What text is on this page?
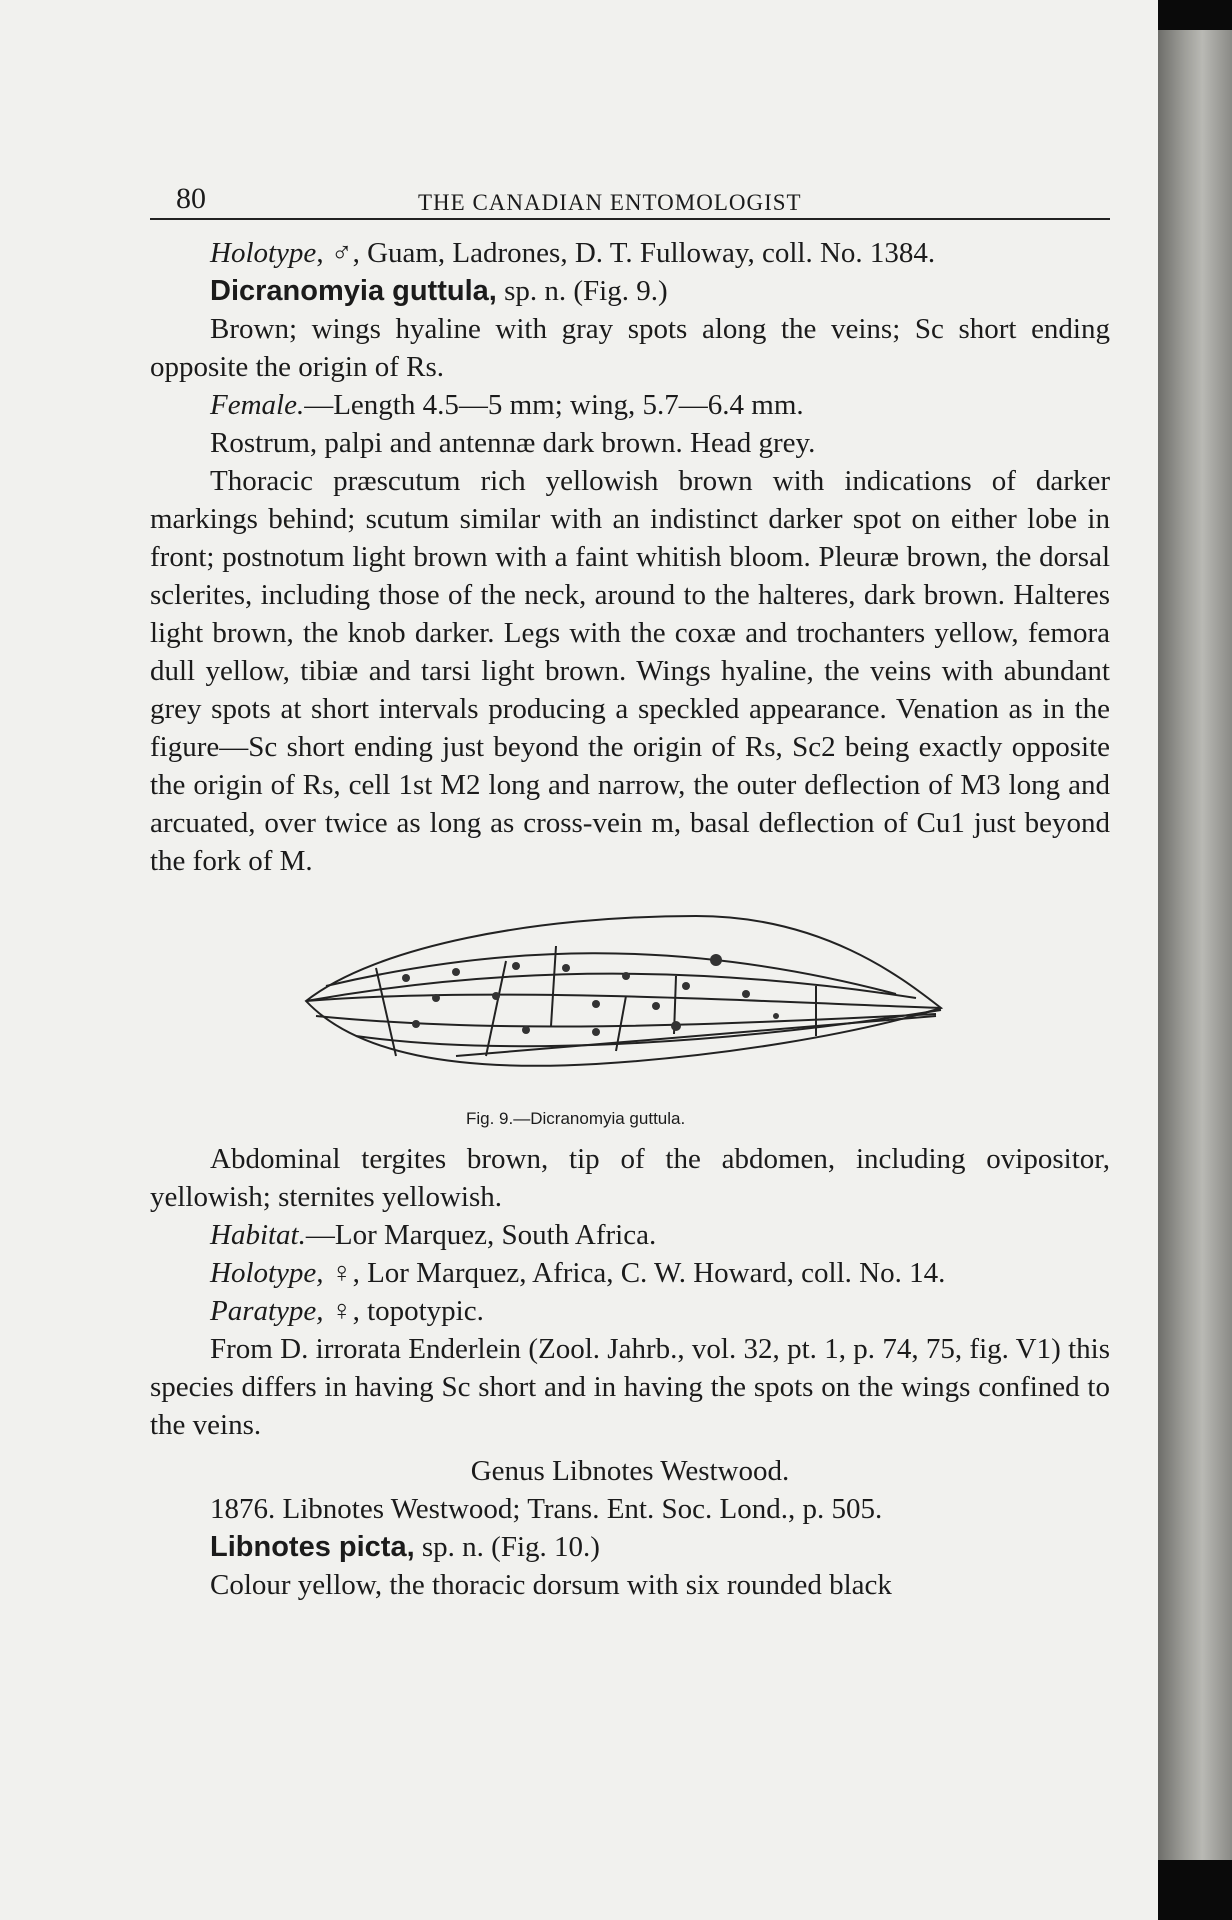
80	THE CANADIAN ENTOMOLOGIST

Holotype, ♂, Guam, Ladrones, D. T. Fulloway, coll. No. 1384.

Dicranomyia guttula, sp. n. (Fig. 9.)

Brown; wings hyaline with gray spots along the veins; Sc short ending opposite the origin of Rs.

Female.—Length 4.5—5 mm; wing, 5.7—6.4 mm.

Rostrum, palpi and antennæ dark brown. Head grey.

Thoracic præscutum rich yellowish brown with indications of darker markings behind; scutum similar with an indistinct darker spot on either lobe in front; postnotum light brown with a faint whitish bloom. Pleuræ brown, the dorsal sclerites, including those of the neck, around to the halteres, dark brown. Halteres light brown, the knob darker. Legs with the coxæ and trochanters yellow, femora dull yellow, tibiæ and tarsi light brown. Wings hyaline, the veins with abundant grey spots at short intervals producing a speckled appearance. Venation as in the figure—Sc short ending just beyond the origin of Rs, Sc2 being exactly opposite the origin of Rs, cell 1st M2 long and narrow, the outer deflection of M3 long and arcuated, over twice as long as cross-vein m, basal deflection of Cu1 just beyond the fork of M.

Fig. 9.—Dicranomyia guttula.

Abdominal tergites brown, tip of the abdomen, including ovipositor, yellowish; sternites yellowish.

Habitat.—Lor Marquez, South Africa.

Holotype, ♀, Lor Marquez, Africa, C. W. Howard, coll. No. 14.

Paratype, ♀, topotypic.

From D. irrorata Enderlein (Zool. Jahrb., vol. 32, pt. 1, p. 74, 75, fig. V1) this species differs in having Sc short and in having the spots on the wings confined to the veins.

Genus Libnotes Westwood.

1876. Libnotes Westwood; Trans. Ent. Soc. Lond., p. 505.

Libnotes picta, sp. n. (Fig. 10.)

Colour yellow, the thoracic dorsum with six rounded black
